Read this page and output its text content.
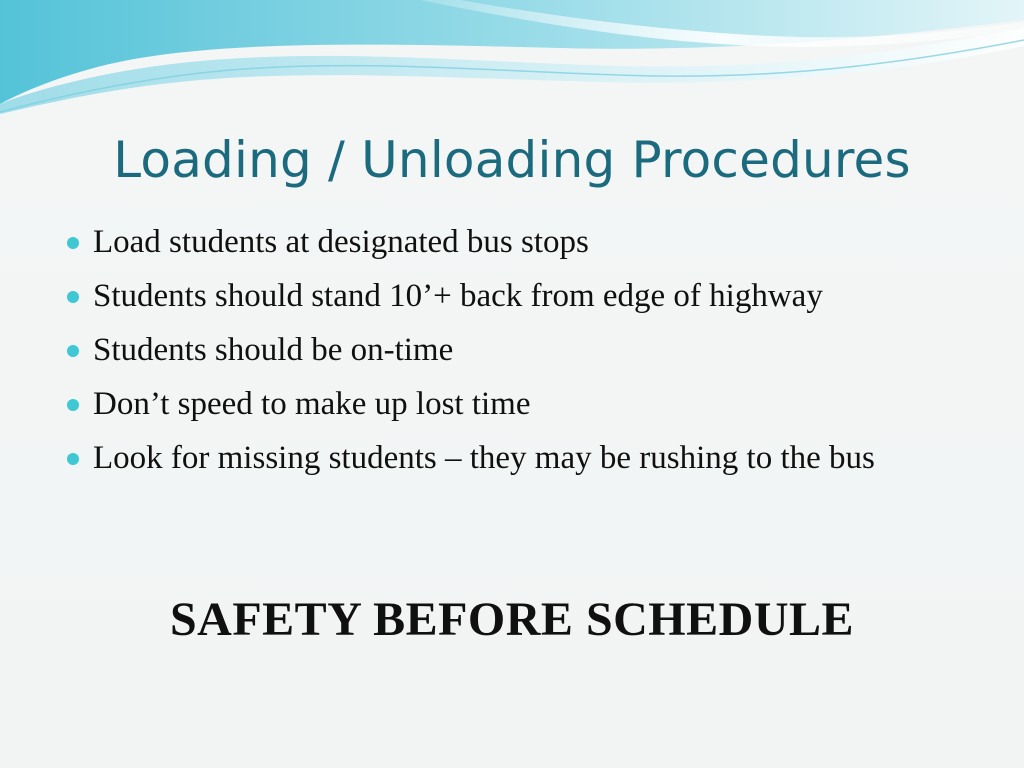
Loading / Unloading Procedures
Load students at designated bus stops
Students should stand 10’+ back from edge of highway
Students should be on-time
Don’t speed to make up lost time
Look for missing students – they may be rushing to the bus

SAFETY BEFORE SCHEDULE
